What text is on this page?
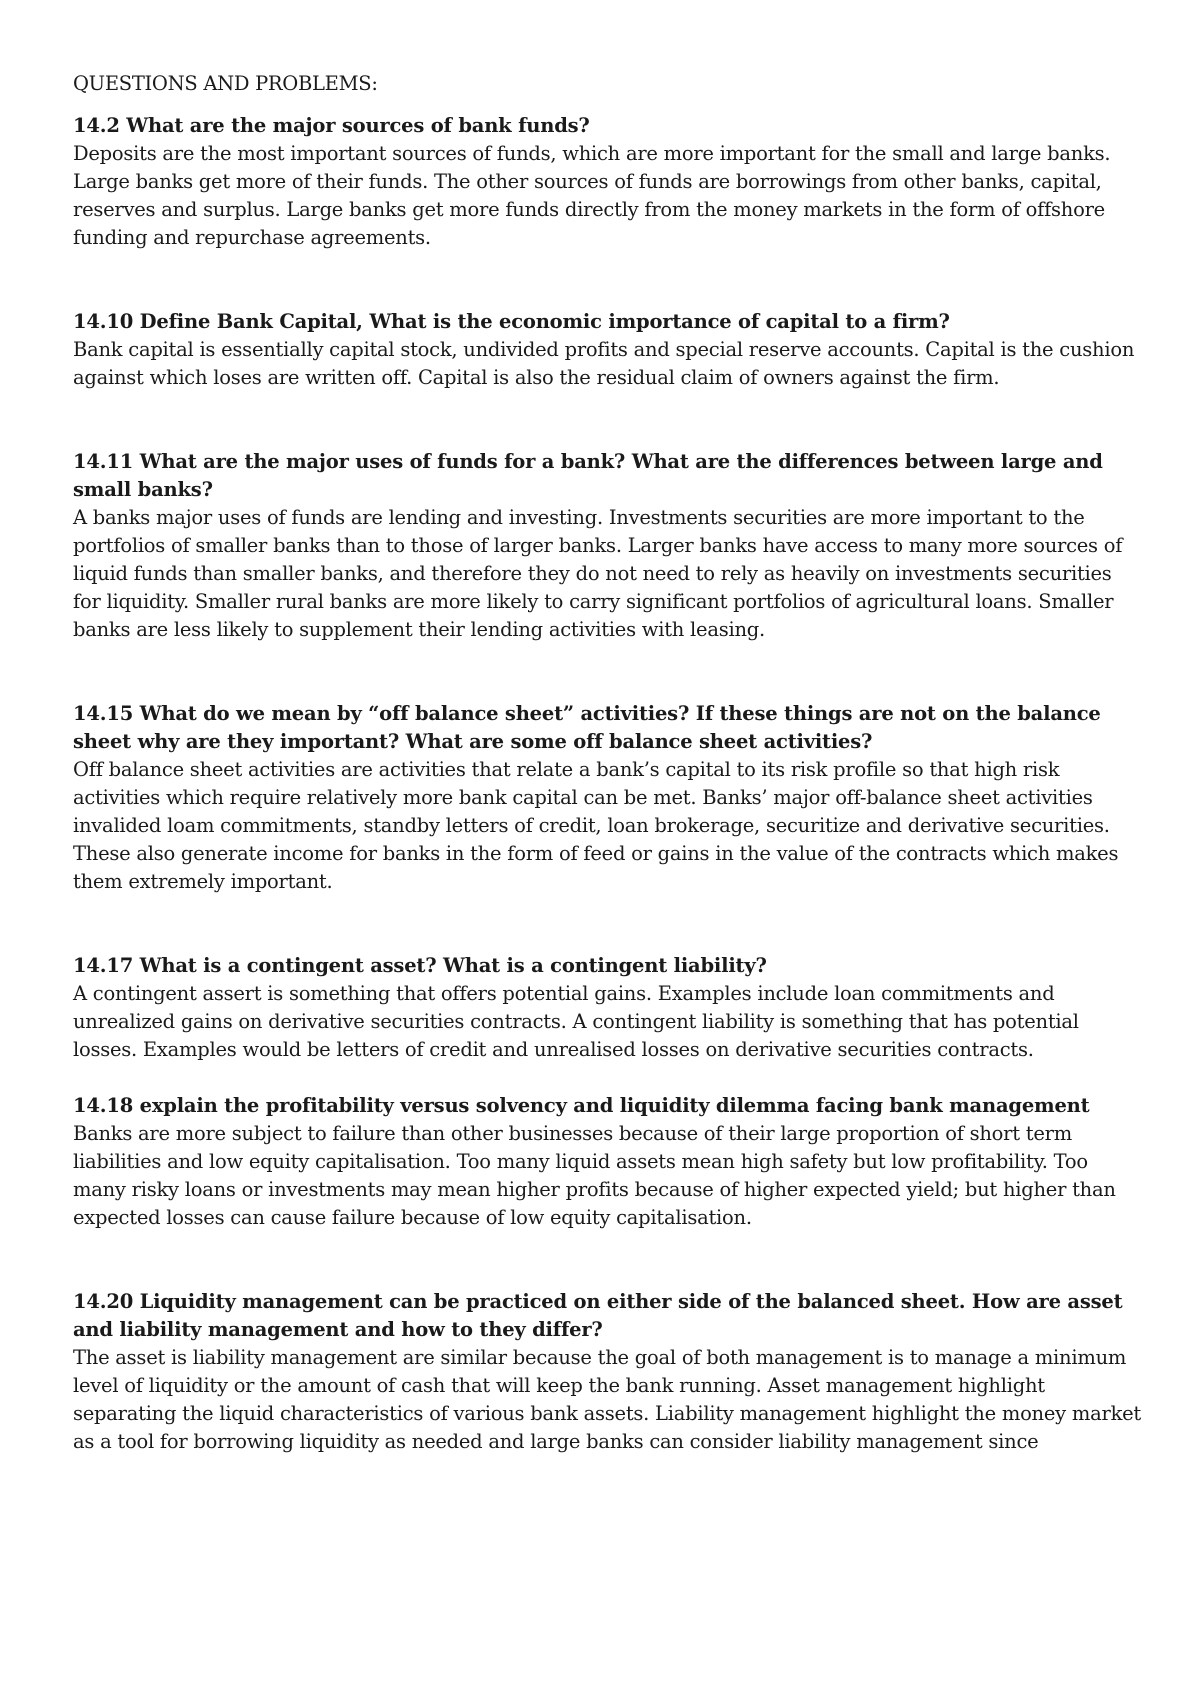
QUESTIONS AND PROBLEMS:

14.2 What are the major sources of bank funds?

Deposits are the most important sources of funds, which are more important for the small and large banks. Large banks get more of their funds. The other sources of funds are borrowings from other banks, capital, reserves and surplus. Large banks get more funds directly from the money markets in the form of offshore funding and repurchase agreements.

14.10 Define Bank Capital, What is the economic importance of capital to a firm?

Bank capital is essentially capital stock, undivided profits and special reserve accounts. Capital is the cushion against which loses are written off. Capital is also the residual claim of owners against the firm.

14.11 What are the major uses of funds for a bank? What are the differences between large and small banks?

A banks major uses of funds are lending and investing. Investments securities are more important to the portfolios of smaller banks than to those of larger banks. Larger banks have access to many more sources of liquid funds than smaller banks, and therefore they do not need to rely as heavily on investments securities for liquidity. Smaller rural banks are more likely to carry significant portfolios of agricultural loans. Smaller banks are less likely to supplement their lending activities with leasing.

14.15 What do we mean by “off balance sheet” activities? If these things are not on the balance sheet why are they important? What are some off balance sheet activities?

Off balance sheet activities are activities that relate a bank’s capital to its risk profile so that high risk activities which require relatively more bank capital can be met. Banks’ major off-balance sheet activities invalided loam commitments, standby letters of credit, loan brokerage, securitize and derivative securities. These also generate income for banks in the form of feed or gains in the value of the contracts which makes them extremely important.

14.17 What is a contingent asset? What is a contingent liability?

A contingent assert is something that offers potential gains. Examples include loan commitments and unrealized gains on derivative securities contracts. A contingent liability is something that has potential losses. Examples would be letters of credit and unrealised losses on derivative securities contracts.

14.18 explain the profitability versus solvency and liquidity dilemma facing bank management

Banks are more subject to failure than other businesses because of their large proportion of short term liabilities and low equity capitalisation. Too many liquid assets mean high safety but low profitability. Too many risky loans or investments may mean higher profits because of higher expected yield; but higher than expected losses can cause failure because of low equity capitalisation.

14.20 Liquidity management can be practiced on either side of the balanced sheet. How are asset and liability management and how to they differ?

The asset is liability management are similar because the goal of both management is to manage a minimum level of liquidity or the amount of cash that will keep the bank running. Asset management highlight separating the liquid characteristics of various bank assets. Liability management highlight the money market as a tool for borrowing liquidity as needed and large banks can consider liability management since
